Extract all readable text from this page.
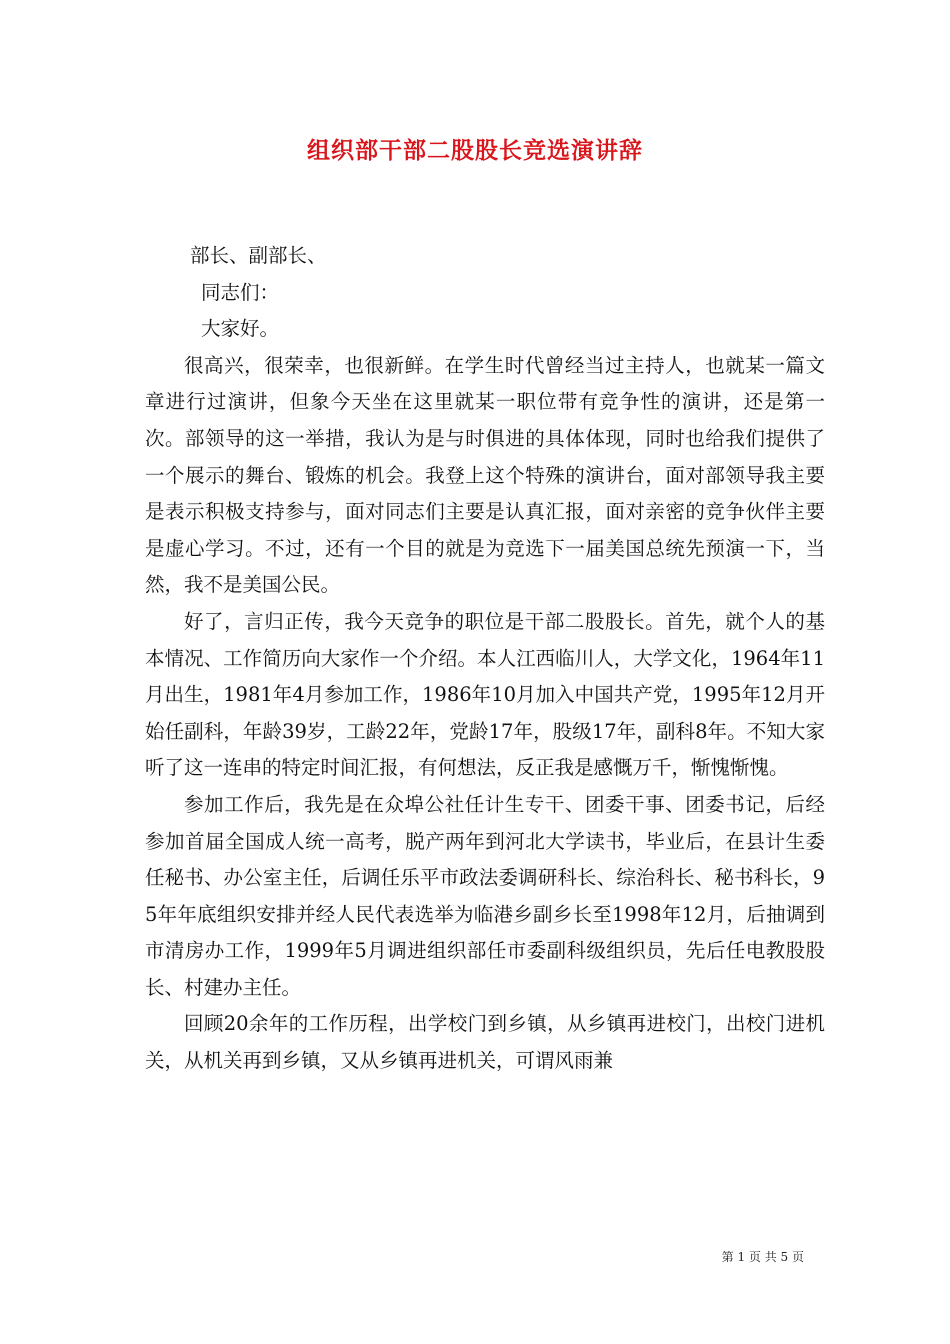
组织部干部二股股长竞选演讲辞

部长、副部长、

同志们：

大家好。

很高兴，很荣幸，也很新鲜。在学生时代曾经当过主持人，也就某一篇文章进行过演讲，但象今天坐在这里就某一职位带有竞争性的演讲，还是第一次。部领导的这一举措，我认为是与时俱进的具体体现，同时也给我们提供了一个展示的舞台、锻炼的机会。我登上这个特殊的演讲台，面对部领导我主要是表示积极支持参与，面对同志们主要是认真汇报，面对亲密的竞争伙伴主要是虚心学习。不过，还有一个目的就是为竞选下一届美国总统先预演一下，当然，我不是美国公民。

好了，言归正传，我今天竞争的职位是干部二股股长。首先，就个人的基本情况、工作简历向大家作一个介绍。本人江西临川人，大学文化，1964年11月出生，1981年4月参加工作，1986年10月加入中国共产党，1995年12月开始任副科，年龄39岁，工龄22年，党龄17年，股级17年，副科8年。不知大家听了这一连串的特定时间汇报，有何想法，反正我是感慨万千，惭愧惭愧。

参加工作后，我先是在众埠公社任计生专干、团委干事、团委书记，后经参加首届全国成人统一高考，脱产两年到河北大学读书，毕业后，在县计生委任秘书、办公室主任，后调任乐平市政法委调研科长、综治科长、秘书科长，95年年底组织安排并经人民代表选举为临港乡副乡长至1998年12月，后抽调到市清房办工作，1999年5月调进组织部任市委副科级组织员，先后任电教股股长、村建办主任。

回顾20余年的工作历程，出学校门到乡镇，从乡镇再进校门，出校门进机关，从机关再到乡镇，又从乡镇再进机关，可谓风雨兼

第 1 页 共 5 页
